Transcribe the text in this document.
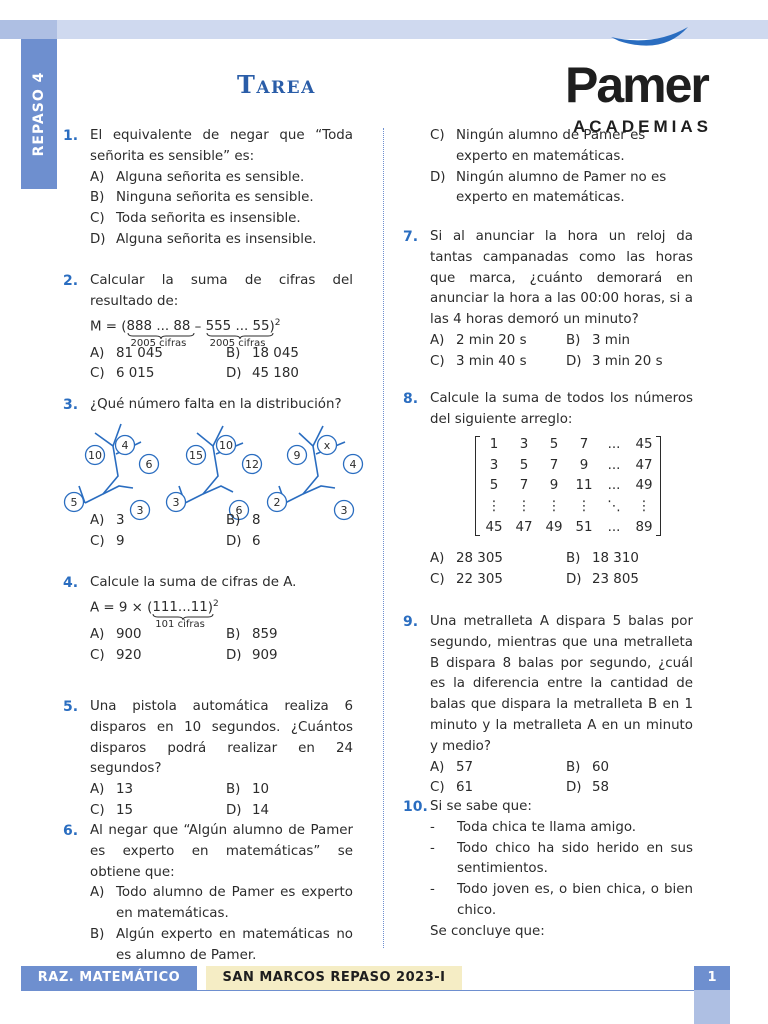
REPASO 4	Tarea	Pamer
ACADEMIAS
1. El equivalente de negar que “Toda señorita es sensible” es:
A) Alguna señorita es sensible.
B) Ninguna señorita es sensible.
C) Toda señorita es insensible.
D) Alguna señorita es insensible.
2. Calcular la suma de cifras del resultado de:
M = (888 ... 88
2005 cifras
– 555 ... 55
2005 cifras
)$^2$
A) 81 045	B) 18 045
C) 6 015	D) 45 180
3. ¿Qué número falta en la distribución?
10
4
6
5
3
15
10
12
3
6
9
x
4
2
3
A) 3	B) 8
C) 9	D) 6
4. Calcule la suma de cifras de A.
A = 9 × (111...11
101 cifras
)$^2$
A) 900	B) 859
C) 920	D) 909
5. Una pistola automática realiza 6 disparos en 10 segundos. ¿Cuántos disparos podrá realizar en 24 segundos?
A) 13	B) 10
C) 15	D) 14
6. Al negar que “Algún alumno de Pamer es experto en matemáticas” se obtiene que:
A) Todo alumno de Pamer es experto en matemáticas.
B) Algún experto en matemáticas no es alumno de Pamer.
C) Ningún alumno de Pamer es experto en matemáticas.
D) Ningún alumno de Pamer no es experto en matemáticas.
7. Si al anunciar la hora un reloj da tantas campanadas como las horas que marca, ¿cuánto demorará en anunciar la hora a las 00:00 horas, si a las 4 horas demoró un minuto?
A) 2 min 20 s	B) 3 min
C) 3 min 40 s	D) 3 min 20 s
8. Calcule la suma de todos los números del siguiente arreglo:
1	3	5	7	...	45
3	5	7	9	...	47
5	7	9	11	...	49
⋮	⋮	⋮	⋮	⋱	⋮
45	47	49	51	...	89
A) 28 305	B) 18 310
C) 22 305	D) 23 805
9. Una metralleta A dispara 5 balas por segundo, mientras que una metralleta B dispara 8 balas por segundo, ¿cuál es la diferencia entre la cantidad de balas que dispara la metralleta B en 1 minuto y la metralleta A en un minuto y medio?
A) 57	B) 60
C) 61	D) 58
10. Si se sabe que:
- Toda chica te llama amigo.
- Todo chico ha sido herido en sus sentimientos.
- Todo joven es, o bien chica, o bien chico.
Se concluye que:
RAZ. MATEMÁTICO	SAN MARCOS REPASO 2023-I	1
